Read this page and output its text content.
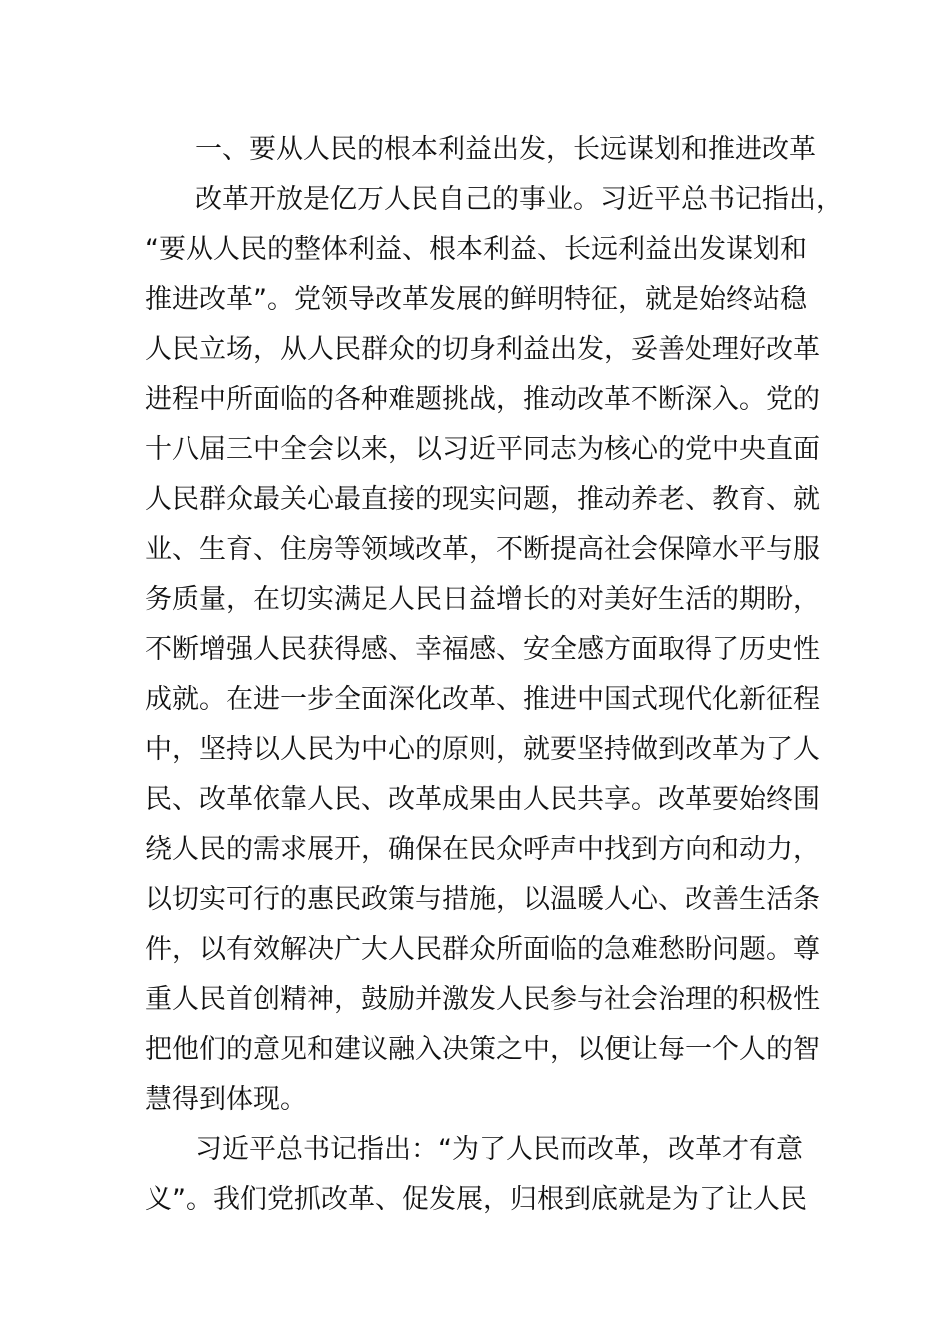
一、要从人民的根本利益出发，长远谋划和推进改革
改革开放是亿万人民自己的事业。习近平总书记指出，
“要从人民的整体利益、根本利益、长远利益出发谋划和
推进改革”。党领导改革发展的鲜明特征，就是始终站稳
人民立场，从人民群众的切身利益出发，妥善处理好改革
进程中所面临的各种难题挑战，推动改革不断深入。党的
十八届三中全会以来，以习近平同志为核心的党中央直面
人民群众最关心最直接的现实问题，推动养老、教育、就
业、生育、住房等领域改革，不断提高社会保障水平与服
务质量，在切实满足人民日益增长的对美好生活的期盼，
不断增强人民获得感、幸福感、安全感方面取得了历史性
成就。在进一步全面深化改革、推进中国式现代化新征程
中，坚持以人民为中心的原则，就要坚持做到改革为了人
民、改革依靠人民、改革成果由人民共享。改革要始终围
绕人民的需求展开，确保在民众呼声中找到方向和动力，
以切实可行的惠民政策与措施，以温暖人心、改善生活条
件，以有效解决广大人民群众所面临的急难愁盼问题。尊
重人民首创精神，鼓励并激发人民参与社会治理的积极性
把他们的意见和建议融入决策之中，以便让每一个人的智
慧得到体现。
习近平总书记指出：“为了人民而改革，改革才有意
义”。我们党抓改革、促发展，归根到底就是为了让人民
